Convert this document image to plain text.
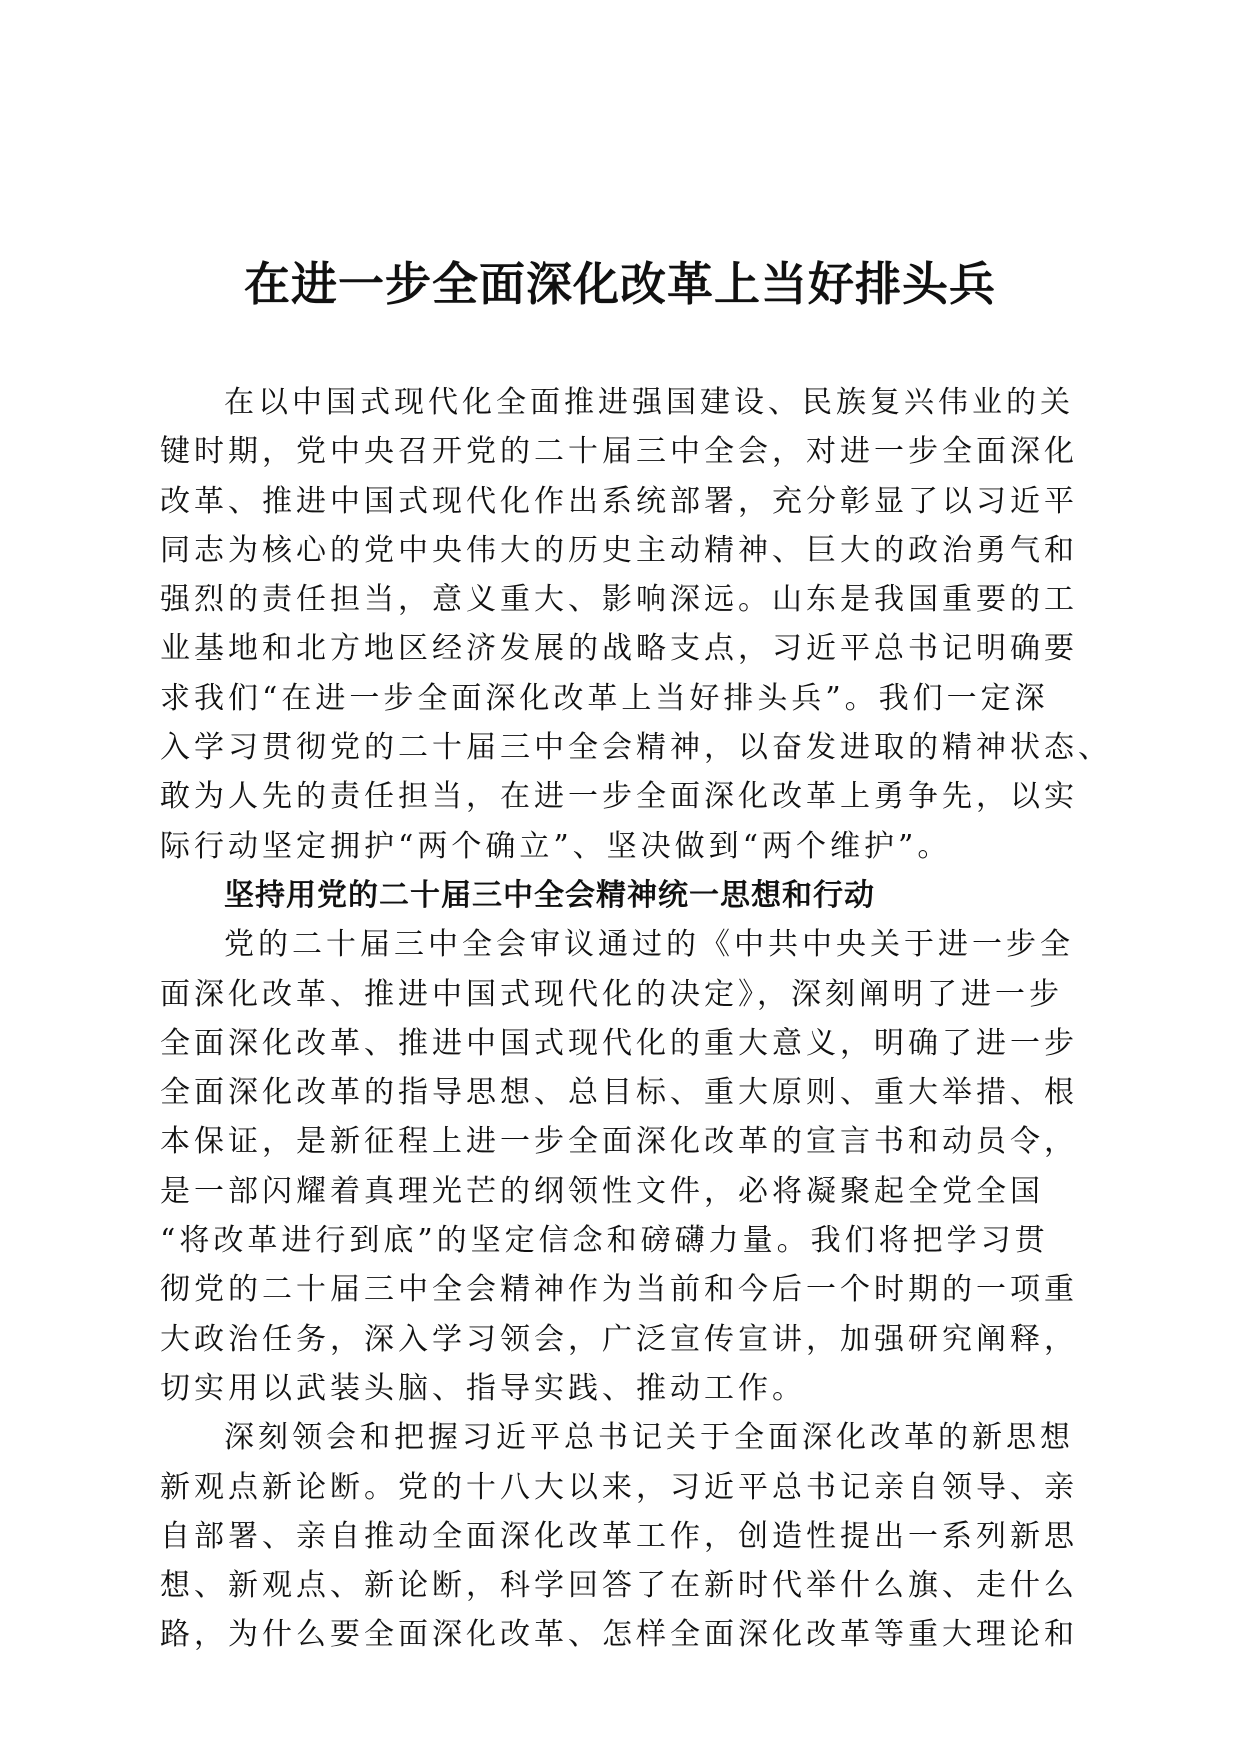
在进一步全面深化改革上当好排头兵
在以中国式现代化全面推进强国建设、民族复兴伟业的关
键时期，党中央召开党的二十届三中全会，对进一步全面深化
改革、推进中国式现代化作出系统部署，充分彰显了以习近平
同志为核心的党中央伟大的历史主动精神、巨大的政治勇气和
强烈的责任担当，意义重大、影响深远。山东是我国重要的工
业基地和北方地区经济发展的战略支点，习近平总书记明确要
求我们“在进一步全面深化改革上当好排头兵”。我们一定深
入学习贯彻党的二十届三中全会精神，以奋发进取的精神状态、
敢为人先的责任担当，在进一步全面深化改革上勇争先，以实
际行动坚定拥护“两个确立”、坚决做到“两个维护”。
坚持用党的二十届三中全会精神统一思想和行动
党的二十届三中全会审议通过的《中共中央关于进一步全
面深化改革、推进中国式现代化的决定》，深刻阐明了进一步
全面深化改革、推进中国式现代化的重大意义，明确了进一步
全面深化改革的指导思想、总目标、重大原则、重大举措、根
本保证，是新征程上进一步全面深化改革的宣言书和动员令，
是一部闪耀着真理光芒的纲领性文件，必将凝聚起全党全国
“将改革进行到底”的坚定信念和磅礴力量。我们将把学习贯
彻党的二十届三中全会精神作为当前和今后一个时期的一项重
大政治任务，深入学习领会，广泛宣传宣讲，加强研究阐释，
切实用以武装头脑、指导实践、推动工作。
深刻领会和把握习近平总书记关于全面深化改革的新思想
新观点新论断。党的十八大以来，习近平总书记亲自领导、亲
自部署、亲自推动全面深化改革工作，创造性提出一系列新思
想、新观点、新论断，科学回答了在新时代举什么旗、走什么
路，为什么要全面深化改革、怎样全面深化改革等重大理论和
